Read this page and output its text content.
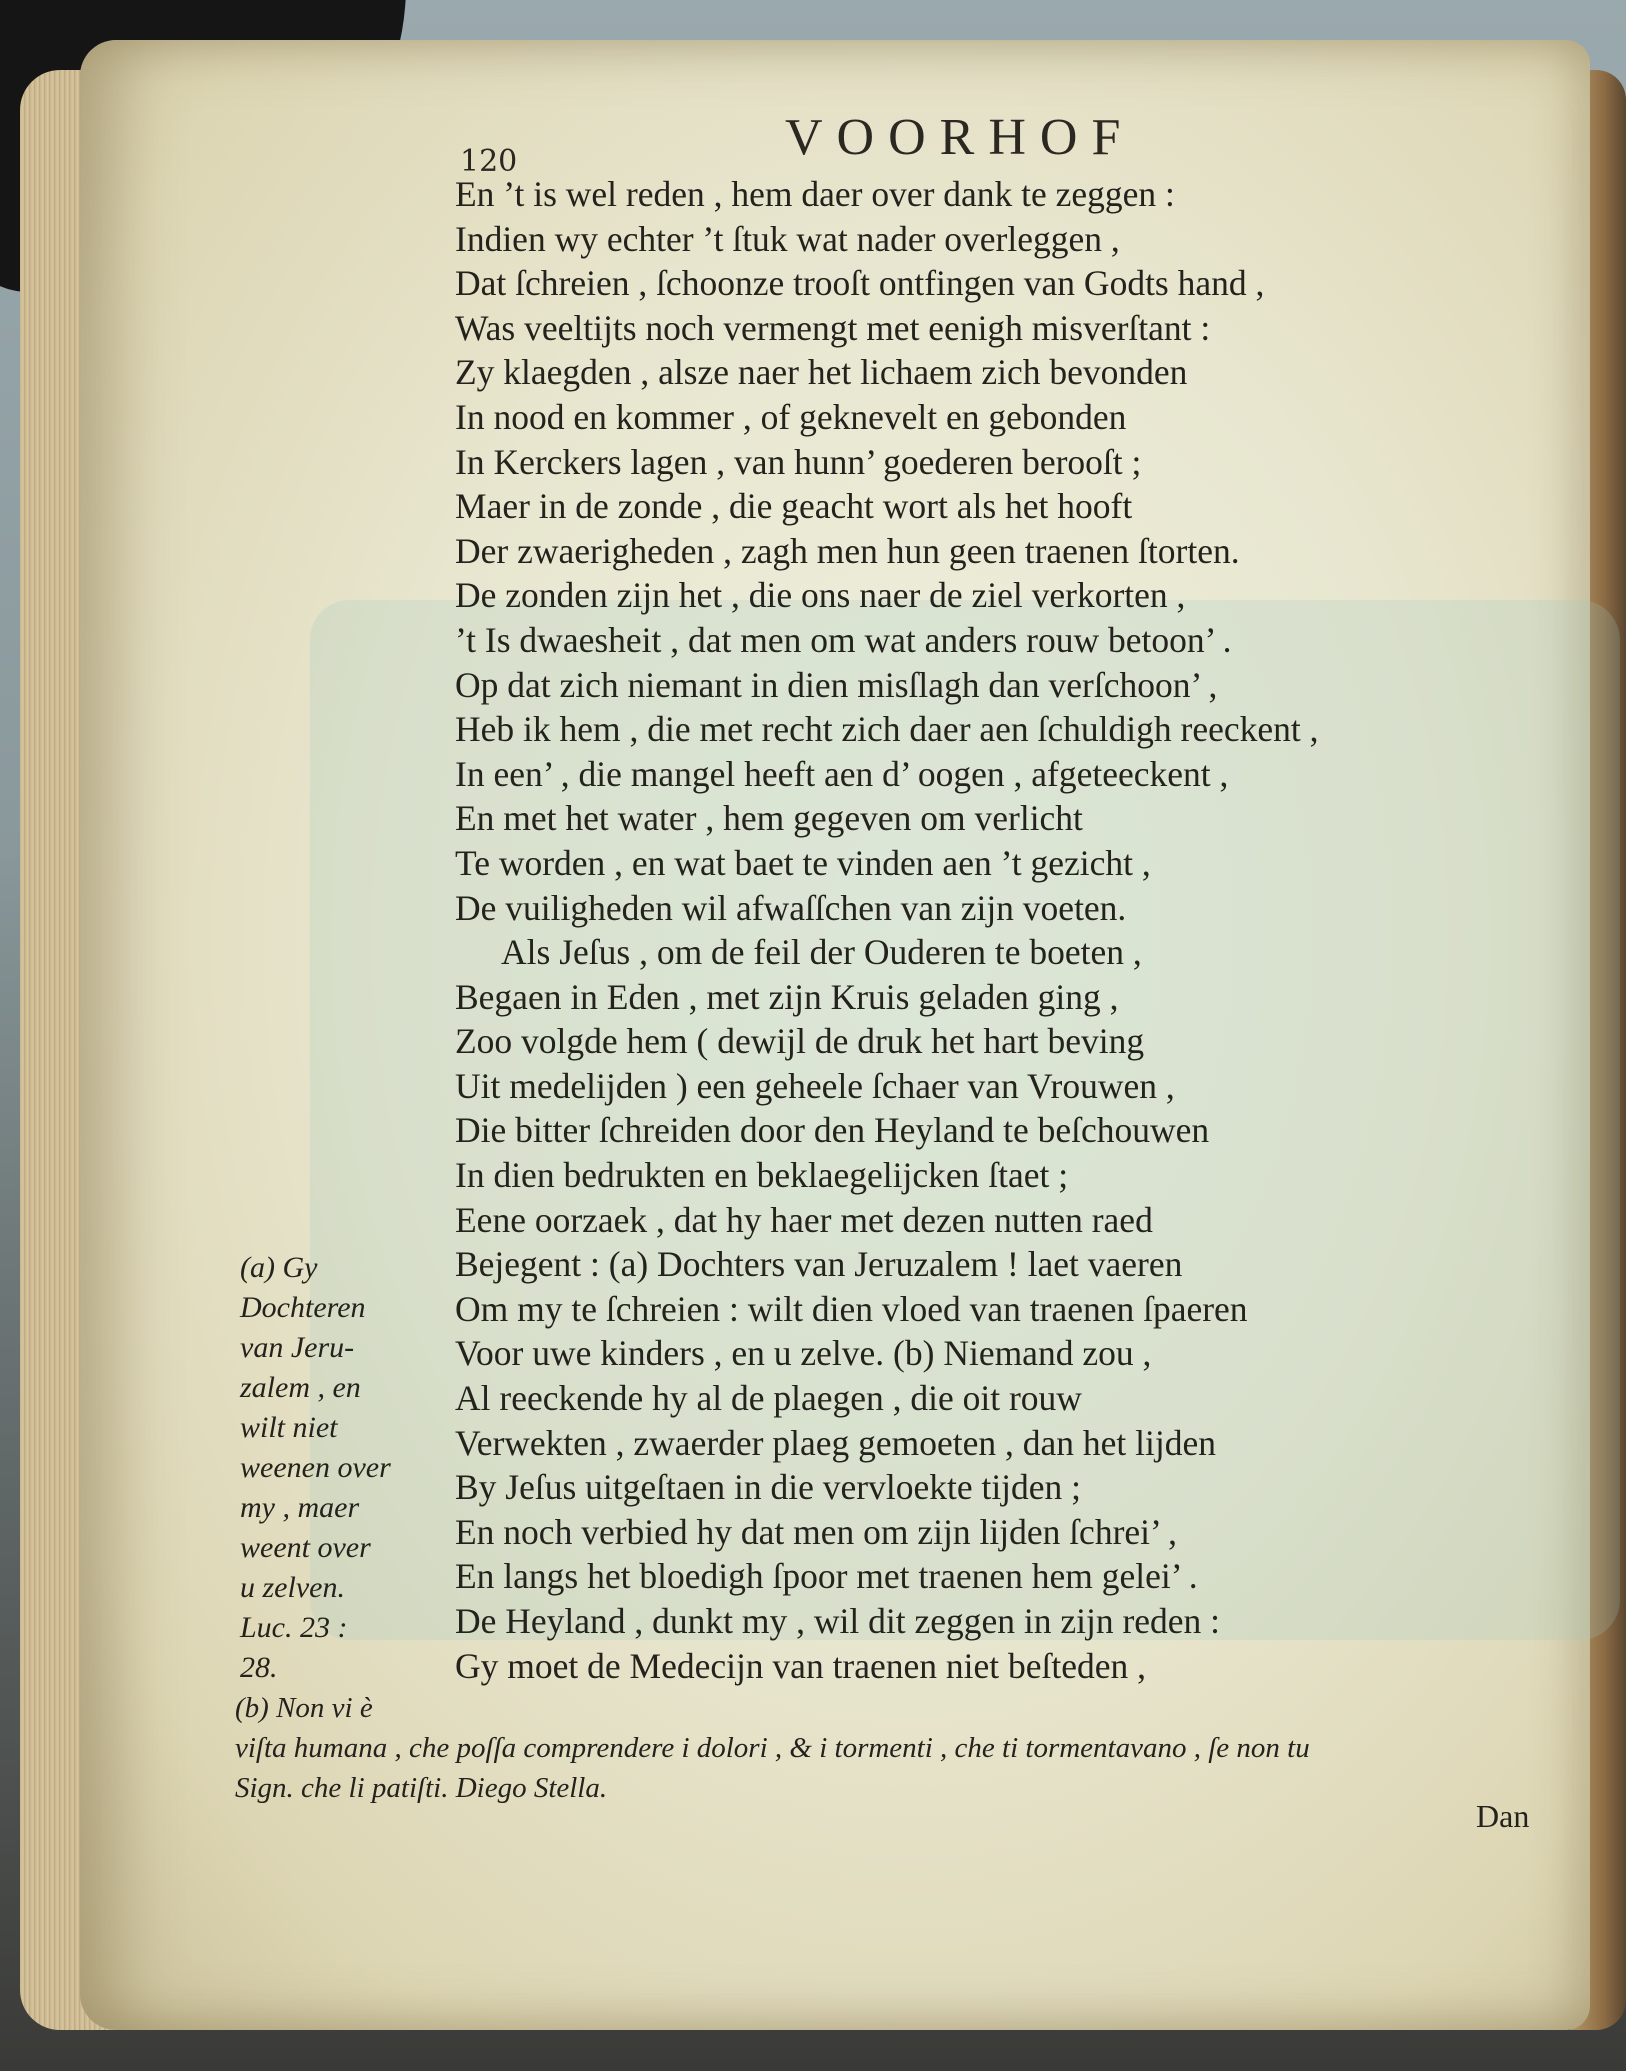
120	VOORHOF
En ’t is wel reden , hem daer over dank te zeggen :
Indien wy echter ’t ſtuk wat nader overleggen ,
Dat ſchreien , ſchoonze trooſt ontfingen van Godts hand ,
Was veeltijts noch vermengt met eenigh misverſtant :
Zy klaegden , alsze naer het lichaem zich bevonden
In nood en kommer , of geknevelt en gebonden
In Kerckers lagen , van hunn’ goederen berooſt ;
Maer in de zonde , die geacht wort als het hooft
Der zwaerigheden , zagh men hun geen traenen ſtorten.
De zonden zijn het , die ons naer de ziel verkorten ,
’t Is dwaesheit , dat men om wat anders rouw betoon’ .
Op dat zich niemant in dien misſlagh dan verſchoon’ ,
Heb ik hem , die met recht zich daer aen ſchuldigh reeckent ,
In een’ , die mangel heeft aen d’ oogen , afgeteeckent ,
En met het water , hem gegeven om verlicht
Te worden , en wat baet te vinden aen ’t gezicht ,
De vuiligheden wil afwaſſchen van zijn voeten.
Als Jeſus , om de feil der Ouderen te boeten ,
Begaen in Eden , met zijn Kruis geladen ging ,
Zoo volgde hem ( dewijl de druk het hart beving
Uit medelijden ) een geheele ſchaer van Vrouwen ,
Die bitter ſchreiden door den Heyland te beſchouwen
In dien bedrukten en beklaegelijcken ſtaet ;
Eene oorzaek , dat hy haer met dezen nutten raed
Bejegent : (a) Dochters van Jeruzalem ! laet vaeren
Om my te ſchreien : wilt dien vloed van traenen ſpaeren
Voor uwe kinders , en u zelve. (b) Niemand zou ,
Al reeckende hy al de plaegen , die oit rouw
Verwekten , zwaerder plaeg gemoeten , dan het lijden
By Jeſus uitgeſtaen in die vervloekte tijden ;
En noch verbied hy dat men om zijn lijden ſchrei’ ,
En langs het bloedigh ſpoor met traenen hem gelei’ .
De Heyland , dunkt my , wil dit zeggen in zijn reden :
Gy moet de Medecijn van traenen niet beſteden ,
(a) Gy
Dochteren
van Jeru-
zalem , en
wilt niet
weenen over
my , maer
weent over
u zelven.
Luc. 23 :
28.
(b) Non vi è
viſta humana , che poſſa comprendere i dolori , & i tormenti , che ti tormentavano , ſe non tu
Sign. che li patiſti. Diego Stella.
Dan
